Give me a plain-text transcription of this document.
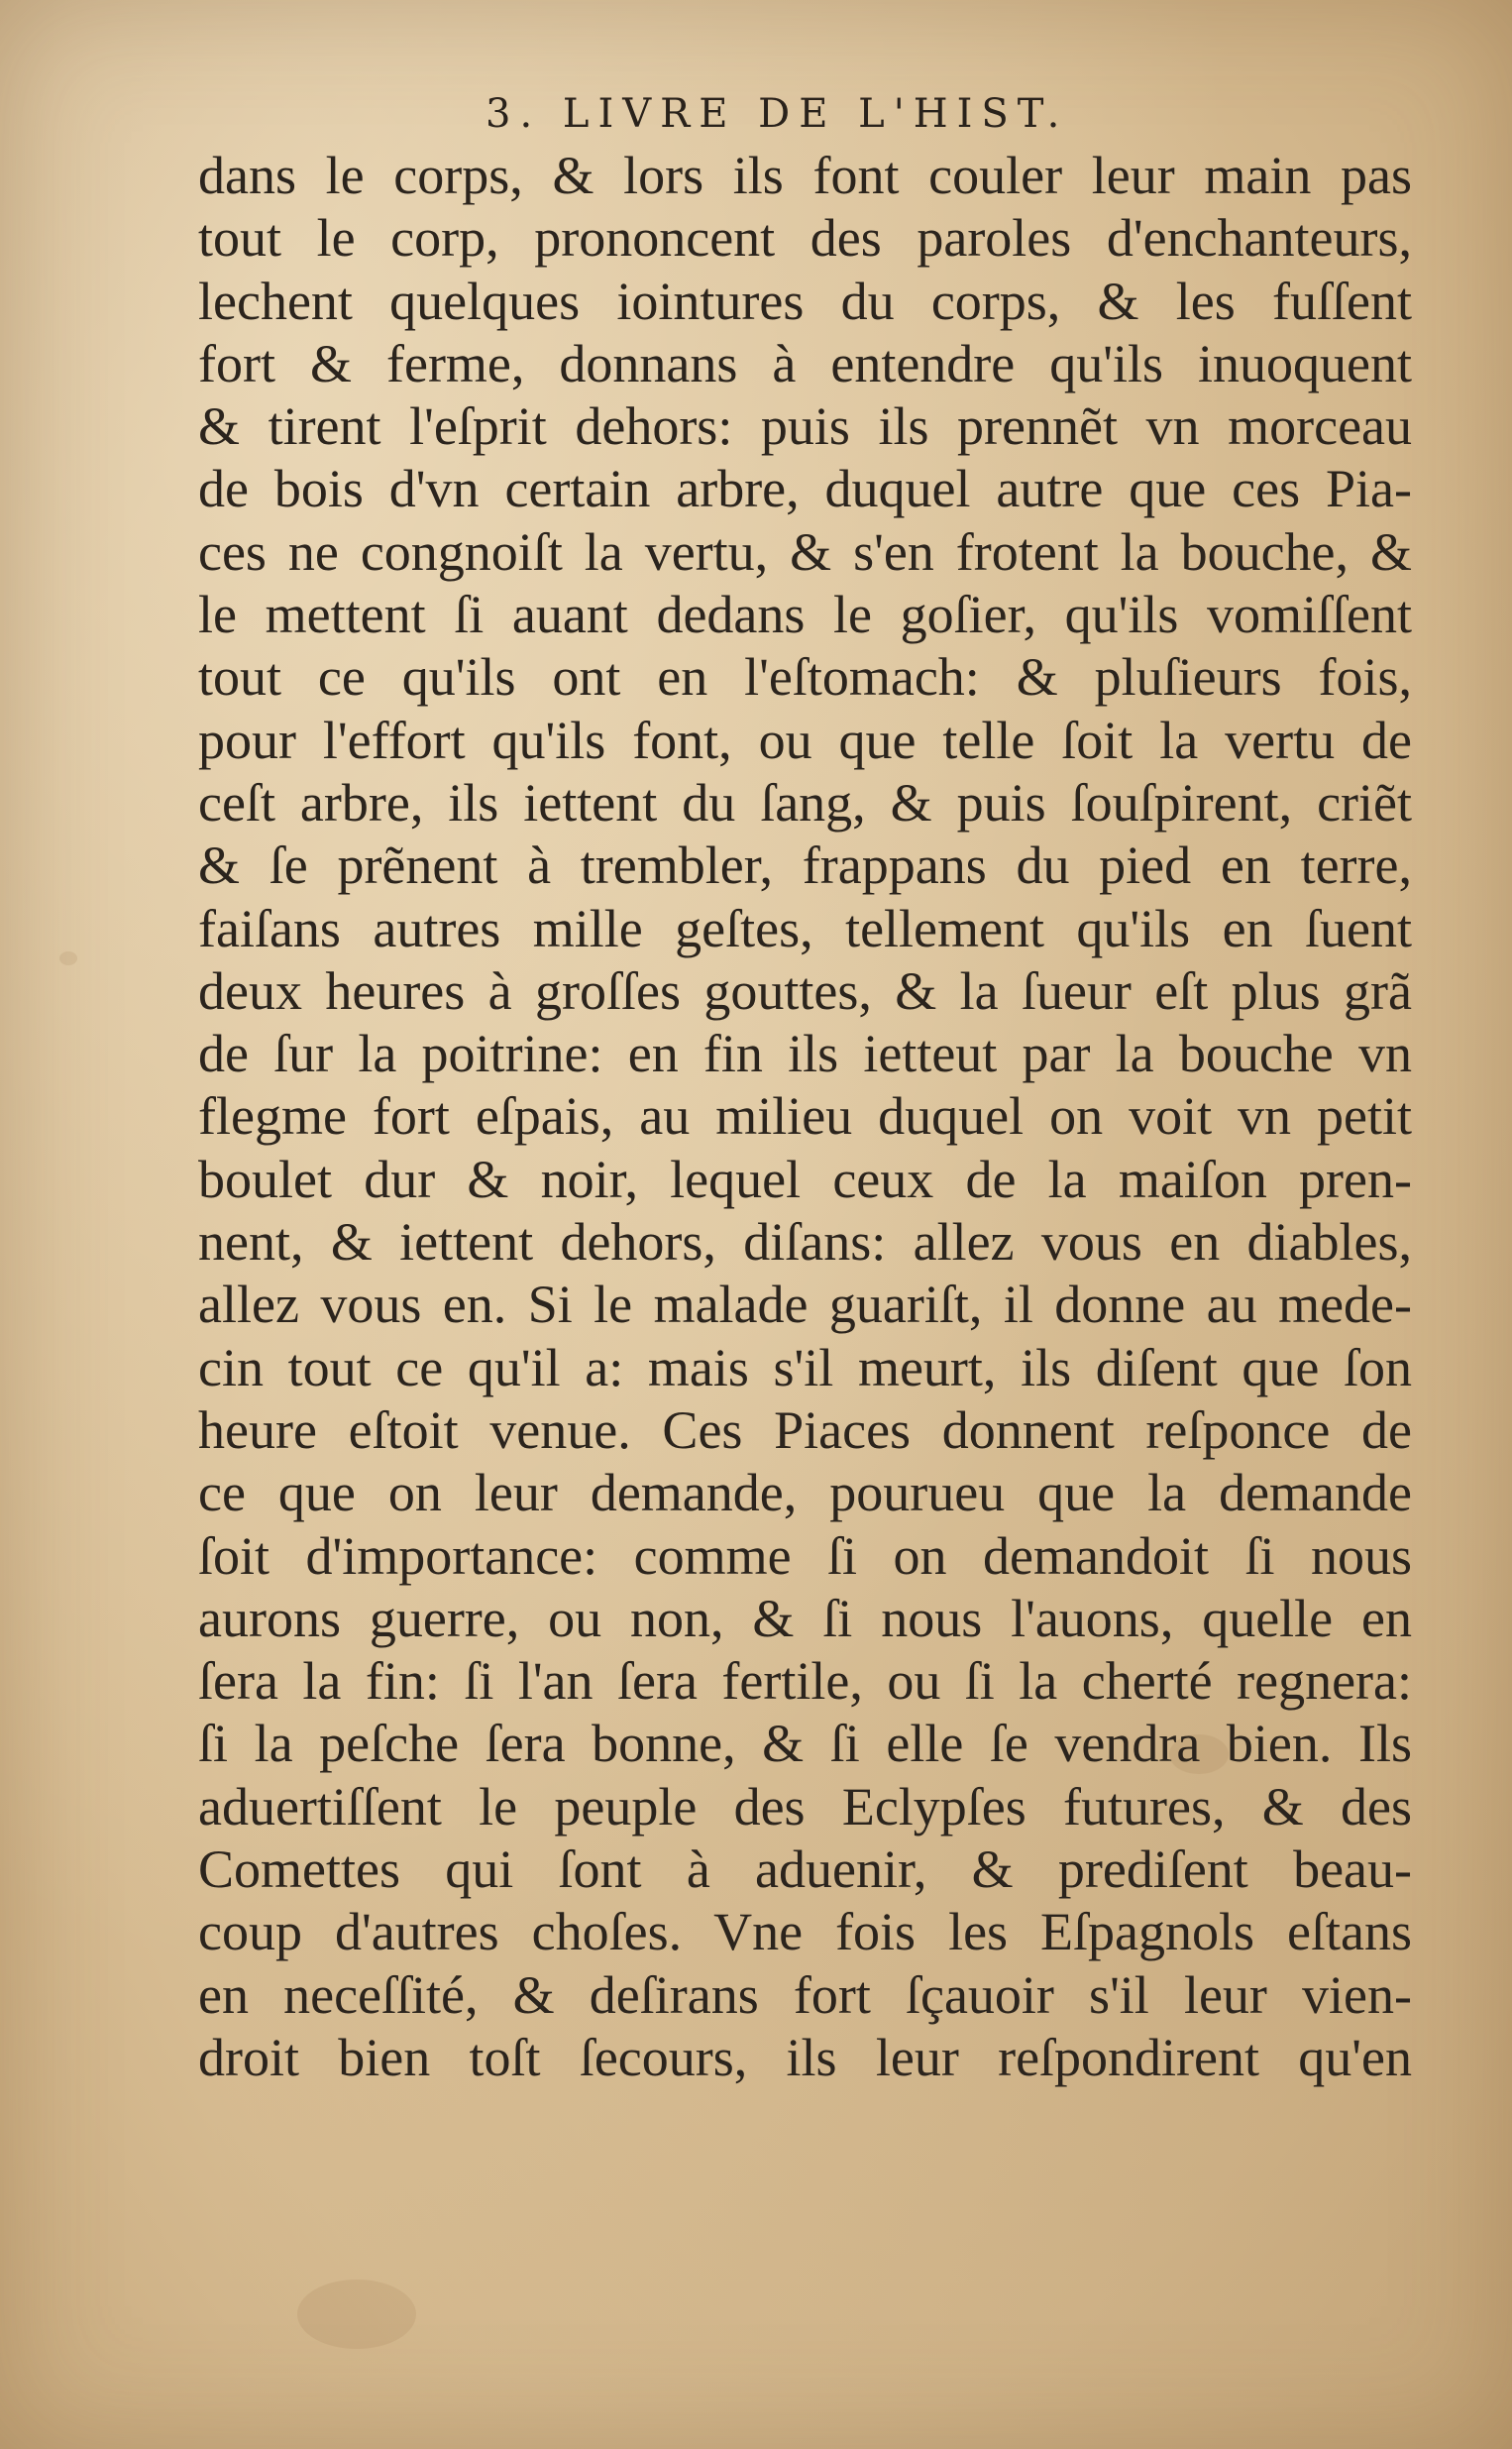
3. LIVRE DE L'HIST.
dans le corps, & lors ils font couler leur main pas
tout le corp, prononcent des paroles d'enchanteurs,
lechent quelques iointures du corps, & les fuſſent
fort & ferme, donnans à entendre qu'ils inuoquent
& tirent l'eſprit dehors: puis ils prennẽt vn morceau
de bois d'vn certain arbre, duquel autre que ces Pia-
ces ne congnoiſt la vertu, & s'en frotent la bouche, &
le mettent ſi auant dedans le goſier, qu'ils vomiſſent
tout ce qu'ils ont en l'eſtomach: & pluſieurs fois,
pour l'effort qu'ils font, ou que telle ſoit la vertu de
ceſt arbre, ils iettent du ſang, & puis ſouſpirent, criẽt
& ſe prẽnent à trembler, frappans du pied en terre,
faiſans autres mille geſtes, tellement qu'ils en ſuent
deux heures à groſſes gouttes, & la ſueur eſt plus grã
de ſur la poitrine: en fin ils ietteut par la bouche vn
flegme fort eſpais, au milieu duquel on voit vn petit
boulet dur & noir, lequel ceux de la maiſon pren-
nent, & iettent dehors, diſans: allez vous en diables,
allez vous en. Si le malade guariſt, il donne au mede-
cin tout ce qu'il a: mais s'il meurt, ils diſent que ſon
heure eſtoit venue. Ces Piaces donnent reſponce de
ce que on leur demande, pourueu que la demande
ſoit d'importance: comme ſi on demandoit ſi nous
aurons guerre, ou non, & ſi nous l'auons, quelle en
ſera la fin: ſi l'an ſera fertile, ou ſi la cherté regnera:
ſi la peſche ſera bonne, & ſi elle ſe vendra bien. Ils
aduertiſſent le peuple des Eclypſes futures, & des
Comettes qui ſont à aduenir, & prediſent beau-
coup d'autres choſes. Vne fois les Eſpagnols eſtans
en neceſſité, & deſirans fort ſçauoir s'il leur vien-
droit bien toſt ſecours, ils leur reſpondirent qu'en
